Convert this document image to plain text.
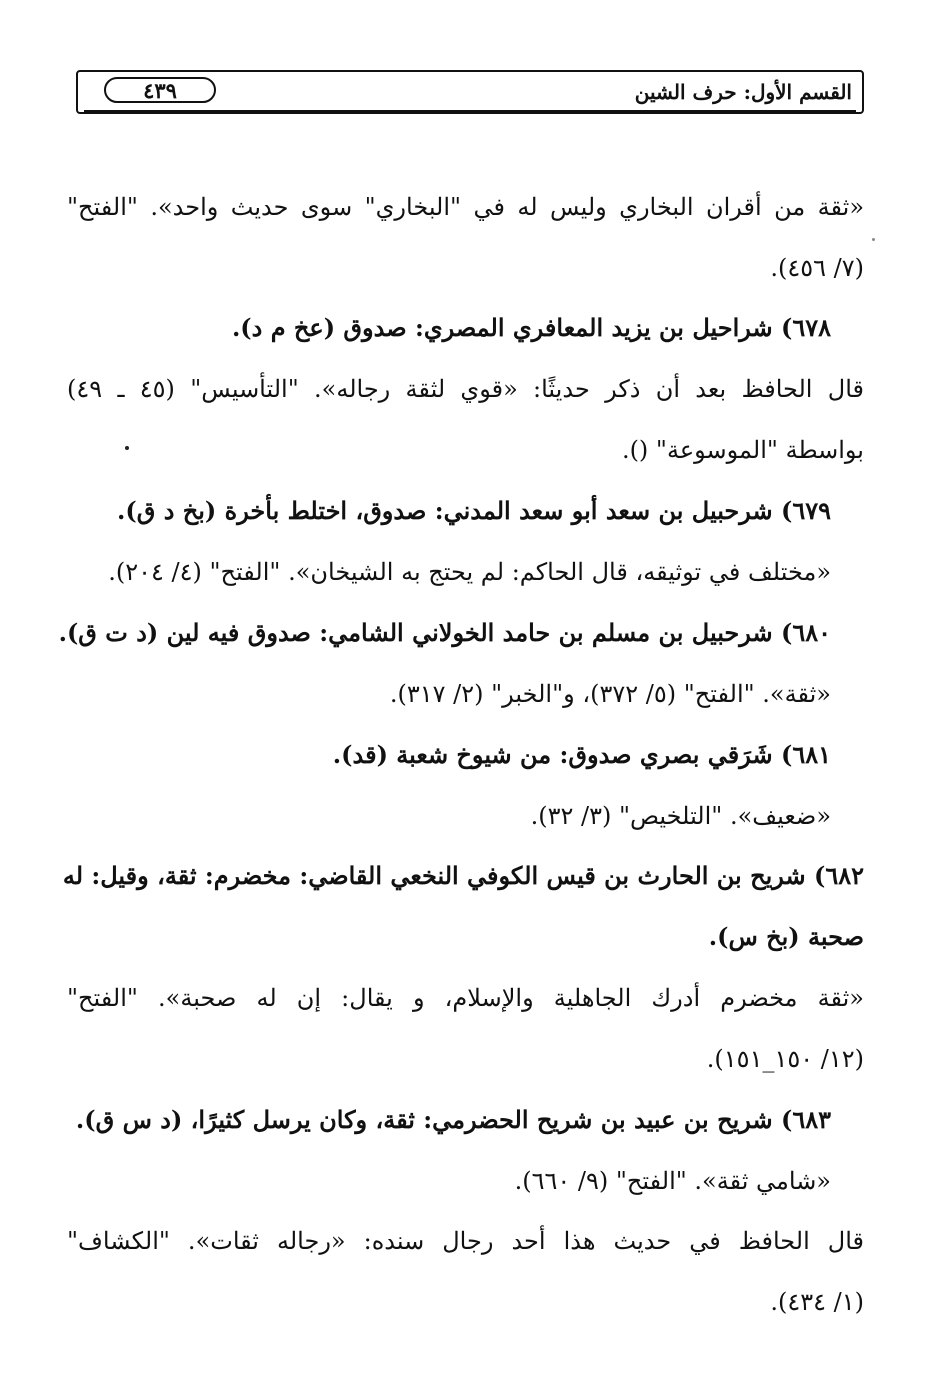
القسم الأول: حرف الشين
٤٣٩
«ثقة من أقران البخاري وليس له في "البخاري" سوى حديث واحد». "الفتح"
(٧/ ٤٥٦).
٦٧٨) شراحيل بن يزيد المعافري المصري: صدوق (عخ م د).
قال الحافظ بعد أن ذكر حديثًا: «قوي لثقة رجاله». "التأسيس" (٤٥ ـ ٤٩)
بواسطة "الموسوعة" ().
٦٧٩) شرحبيل بن سعد أبو سعد المدني: صدوق، اختلط بأخرة (بخ د ق).
«مختلف في توثيقه، قال الحاكم: لم يحتج به الشيخان». "الفتح" (٤/ ٢٠٤).
٦٨٠) شرحبيل بن مسلم بن حامد الخولاني الشامي: صدوق فيه لين (د ت ق).
«ثقة». "الفتح" (٥/ ٣٧٢)، و"الخبر" (٢/ ٣١٧).
٦٨١) شَرَقي بصري صدوق: من شيوخ شعبة (قد).
«ضعيف». "التلخيص" (٣/ ٣٢).
٦٨٢) شريح بن الحارث بن قيس الكوفي النخعي القاضي: مخضرم: ثقة، وقيل: له
صحبة (بخ س).
«ثقة مخضرم أدرك الجاهلية والإسلام، و يقال: إن له صحبة». "الفتح"
(١٢/ ١٥٠_١٥١).
٦٨٣) شريح بن عبيد بن شريح الحضرمي: ثقة، وكان يرسل كثيرًا، (د س ق).
«شامي ثقة». "الفتح" (٩/ ٦٦٠).
قال الحافظ في حديث هذا أحد رجال سنده: «رجاله ثقات». "الكشاف"
(١/ ٤٣٤).
